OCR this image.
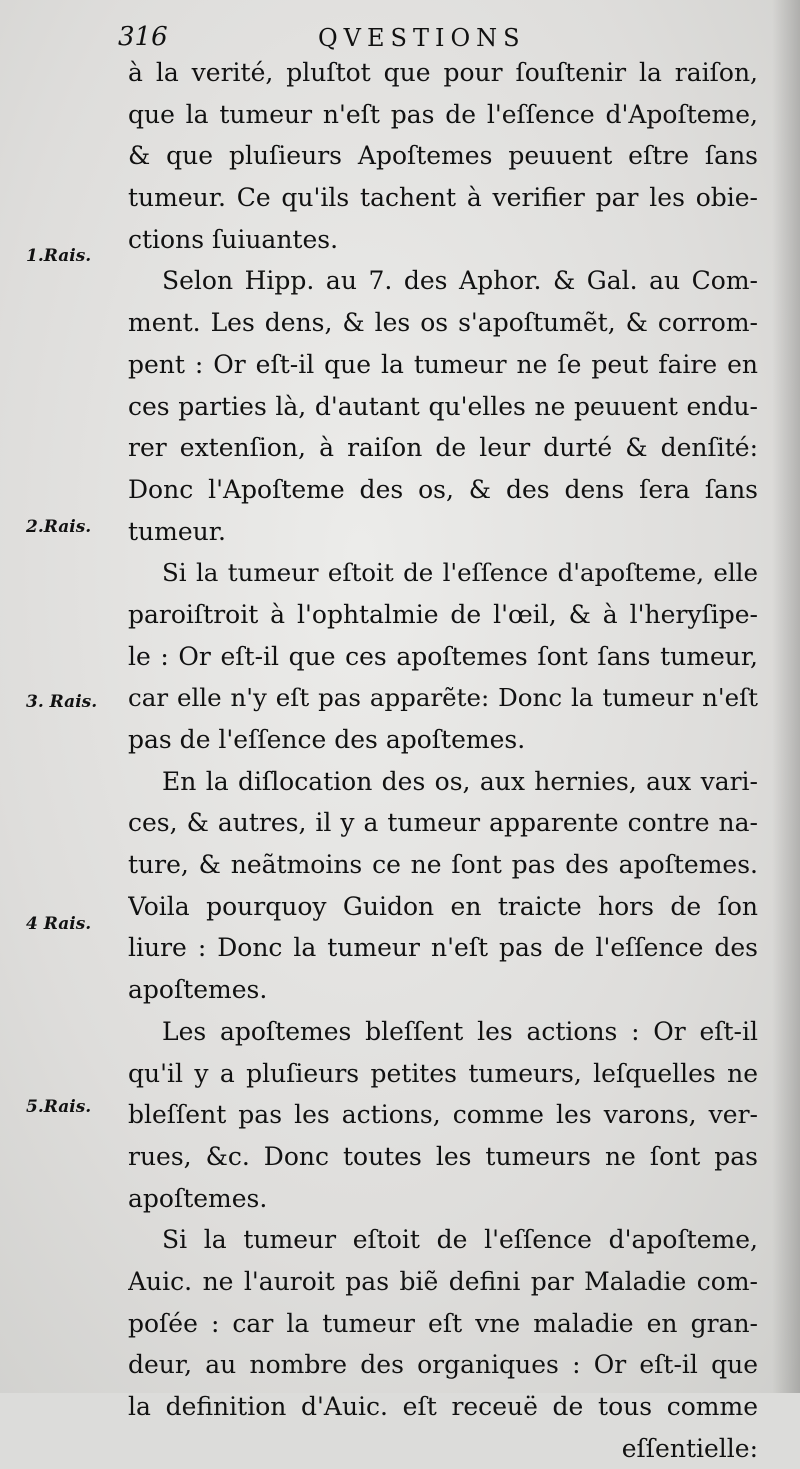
316	QVESTIONS
1.Rais.
2.Rais.
3. Rais.
4 Rais.
5.Rais.
à la verité, pluſtot que pour ſouſtenir la raiſon,
que la tumeur n'eſt pas de l'eſſence d'Apoſteme,
& que pluſieurs Apoſtemes peuuent eſtre ſans
tumeur. Ce qu'ils tachent à verifier par les obie-
ctions ſuiuantes.
Selon Hipp. au 7. des Aphor. & Gal. au Com-
ment. Les dens, & les os s'apoſtumẽt, & corrom-
pent : Or eſt-il que la tumeur ne ſe peut faire en
ces parties là, d'autant qu'elles ne peuuent endu-
rer extenſion, à raiſon de leur durté & denſité:
Donc l'Apoſteme des os, & des dens ſera ſans
tumeur.
Si la tumeur eſtoit de l'eſſence d'apoſteme, elle
paroiſtroit à l'ophtalmie de l'œil, & à l'heryſipe-
le : Or eſt-il que ces apoſtemes ſont ſans tumeur,
car elle n'y eſt pas apparẽte: Donc la tumeur n'eſt
pas de l'eſſence des apoſtemes.
En la diſlocation des os, aux hernies, aux vari-
ces, & autres, il y a tumeur apparente contre na-
ture, & neãtmoins ce ne ſont pas des apoſtemes.
Voila pourquoy Guidon en traicte hors de ſon
liure : Donc la tumeur n'eſt pas de l'eſſence des
apoſtemes.
Les apoſtemes bleſſent les actions : Or eſt-il
qu'il y a pluſieurs petites tumeurs, leſquelles ne
bleſſent pas les actions, comme les varons, ver-
rues, &c. Donc toutes les tumeurs ne ſont pas
apoſtemes.
Si la tumeur eſtoit de l'eſſence d'apoſteme,
Auic. ne l'auroit pas biẽ defini par Maladie com-
poſée : car la tumeur eſt vne maladie en gran-
deur, au nombre des organiques : Or eſt-il que
la definition d'Auic. eſt receuë de tous comme
eſſentielle:
